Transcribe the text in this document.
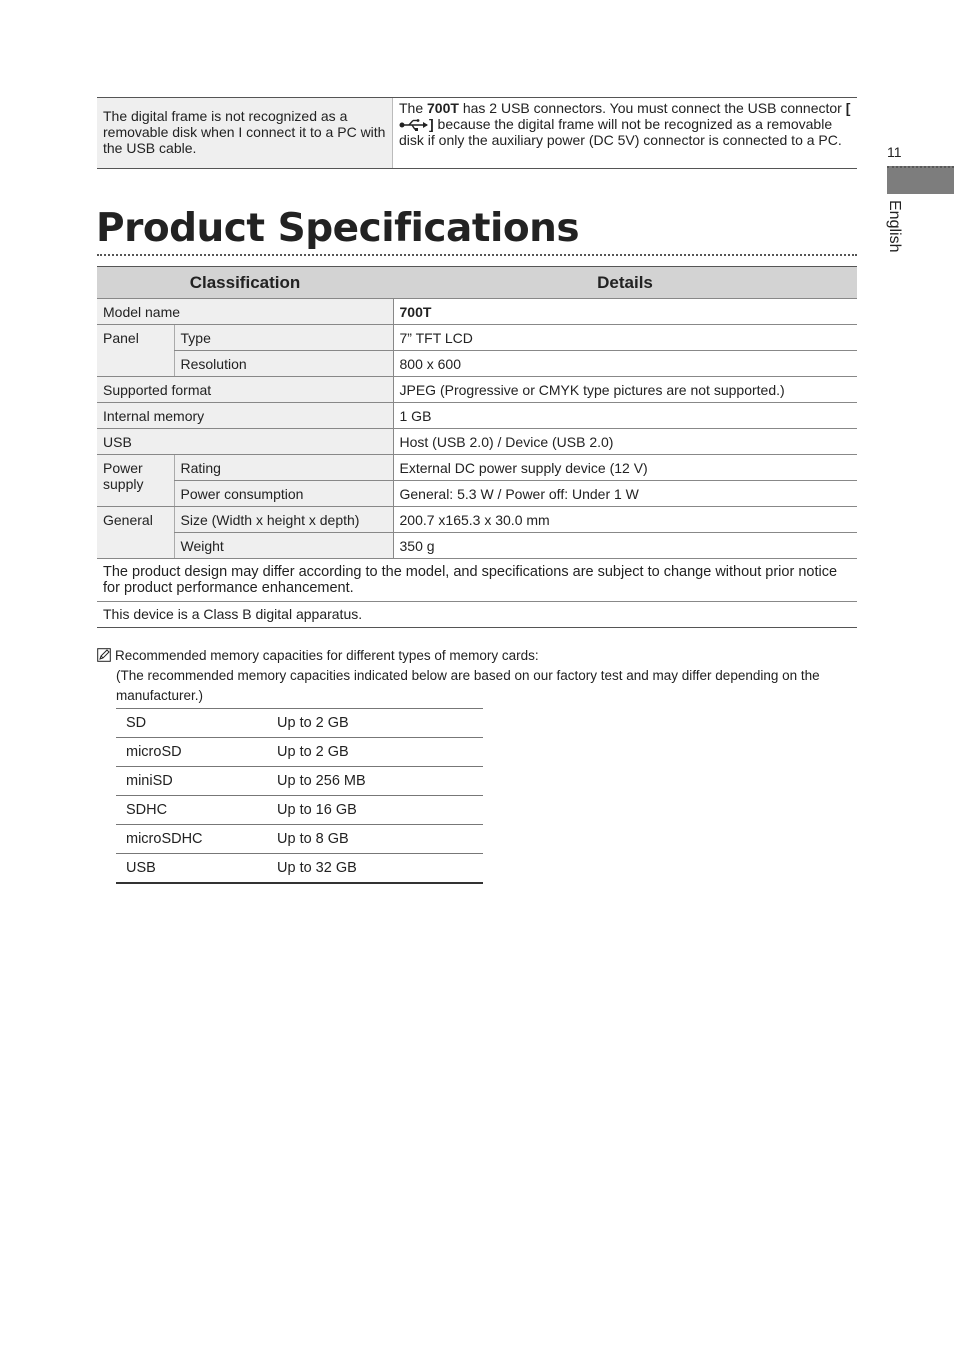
The digital frame is not recognized as a removable disk when I connect it to a PC with the USB cable.
The 700T has 2 USB connectors. You must connect the USB connector [] because the digital frame will not be recognized as a removable disk if only the auxiliary power (DC 5V) connector is connected to a PC.
11
English
Product Specifications
Classification		Details
Model name		700T
Panel	Type	7” TFT LCD
	Resolution	800 x 600
Supported format		JPEG (Progressive or CMYK type pictures are not supported.)
Internal memory		1 GB
USB		Host (USB 2.0) / Device (USB 2.0)
Power supply	Rating	External DC power supply device (12 V)
	Power consumption	General: 5.3 W / Power off: Under 1 W
General	Size (Width x height x depth)	200.7 x165.3 x 30.0 mm
	Weight	350 g
The product design may differ according to the model, and specifications are subject to change without prior notice for product performance enhancement.		
This device is a Class B digital apparatus.		
Recommended memory capacities for different types of memory cards:
(The recommended memory capacities indicated below are based on our factory test and may differ depending on the manufacturer.)
SD	Up to 2 GB
microSD	Up to 2 GB
miniSD	Up to 256 MB
SDHC	Up to 16 GB
microSDHC	Up to 8 GB
USB	Up to 32 GB
